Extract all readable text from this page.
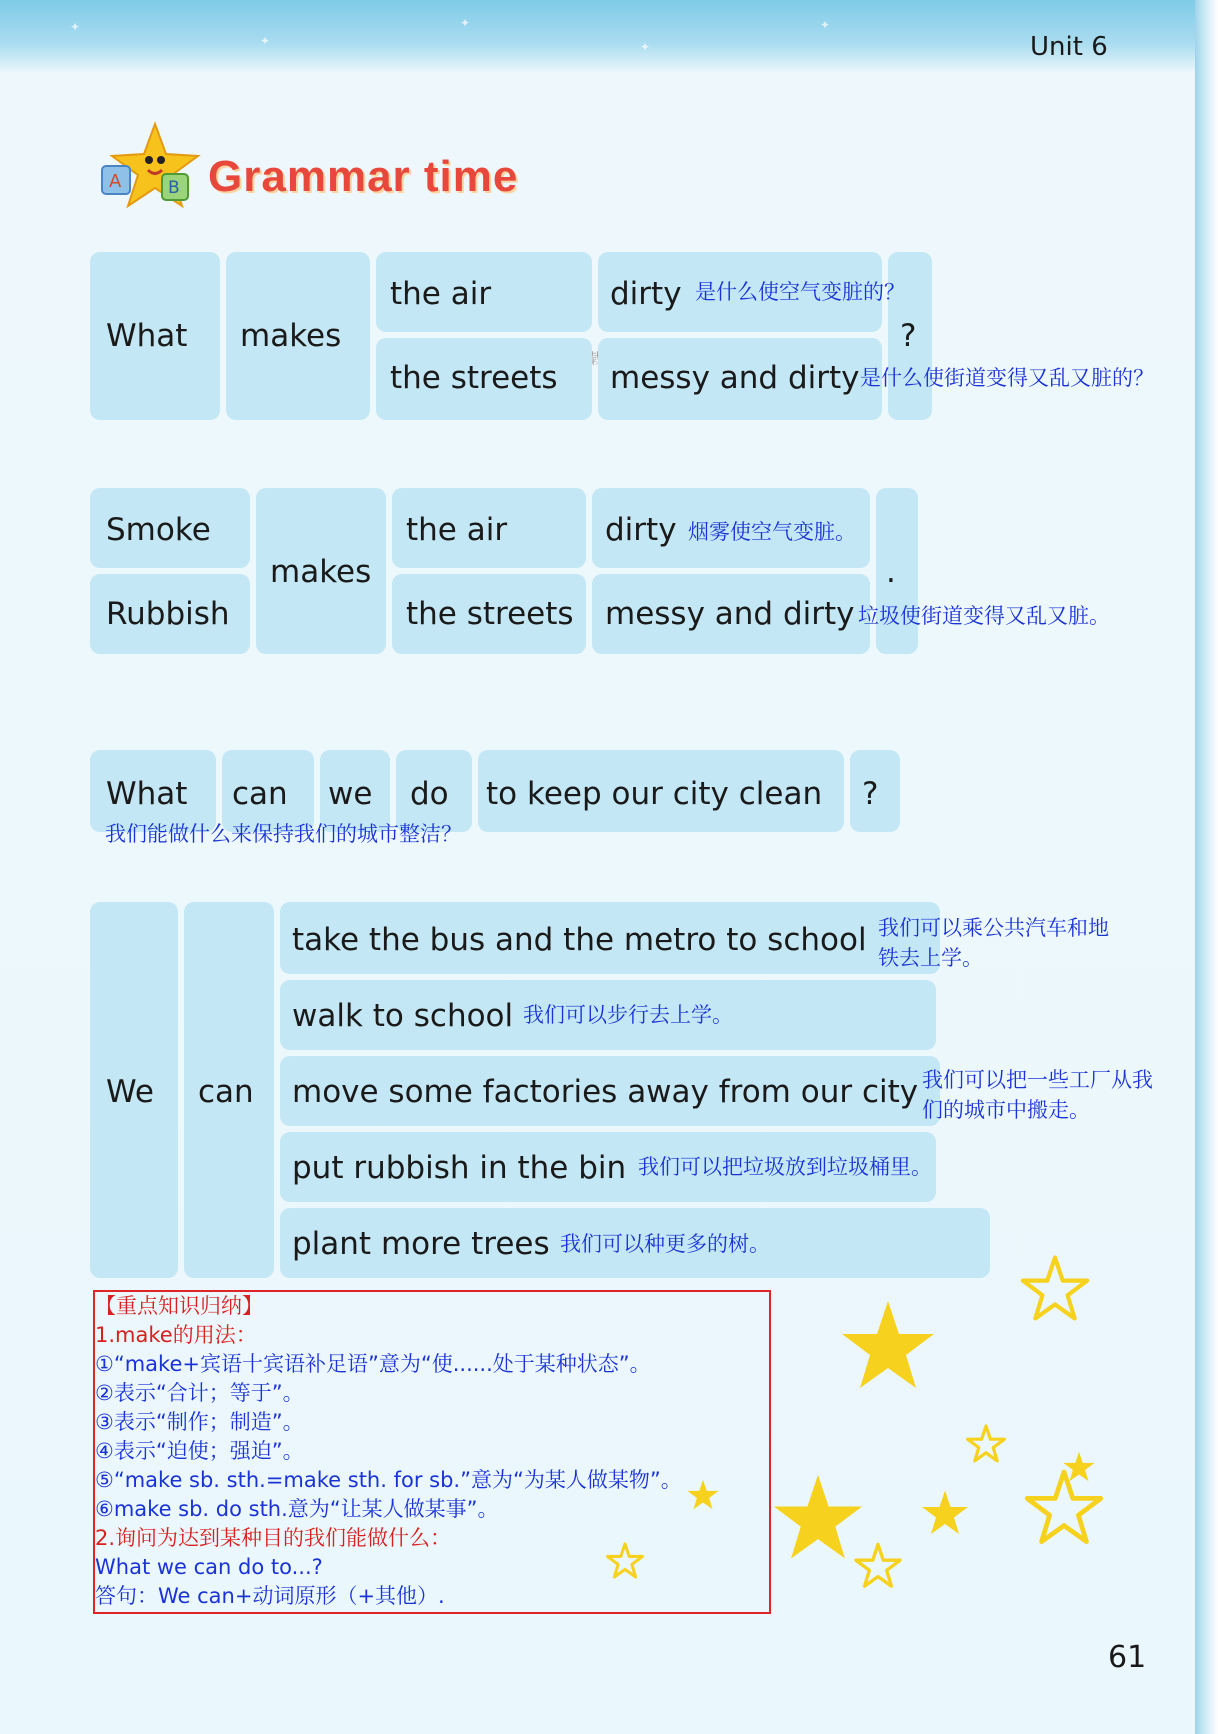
✦
✦
✦
✦
✦
Unit 6
A	B Grammar time
What makes
the air
the streets
dirty
messy and dirty
?
是什么使空气变脏的？
是什么使街道变得又乱又脏的？
Smoke
Rubbish
makes
the air
the streets
dirty
messy and dirty
.
烟雾使空气变脏。
垃圾使街道变得又乱又脏。
What can we do to keep our city clean ?
我们能做什么来保持我们的城市整洁？
We can
take the bus and the metro to school
walk to school
move some factories away from our city
put rubbish in the bin
plant more trees
我们可以乘公共汽车和地
铁去上学。
我们可以步行去上学。
我们可以把一些工厂从我
们的城市中搬走。
我们可以把垃圾放到垃圾桶里。
我们可以种更多的树。
【重点知识归纳】
1.make的用法：
①“make+宾语十宾语补足语”意为“使......处于某种状态”。
②表示“合计；等于”。
③表示“制作；制造”。
④表示“迫使；强迫”。
⑤“make sb. sth.=make sth. for sb.”意为“为某人做某物”。
⑥make sb. do sth.意为“让某人做某事”。
2.询问为达到某种目的我们能做什么：
What we can do to...?
答句：We can+动词原形（+其他）.
61
